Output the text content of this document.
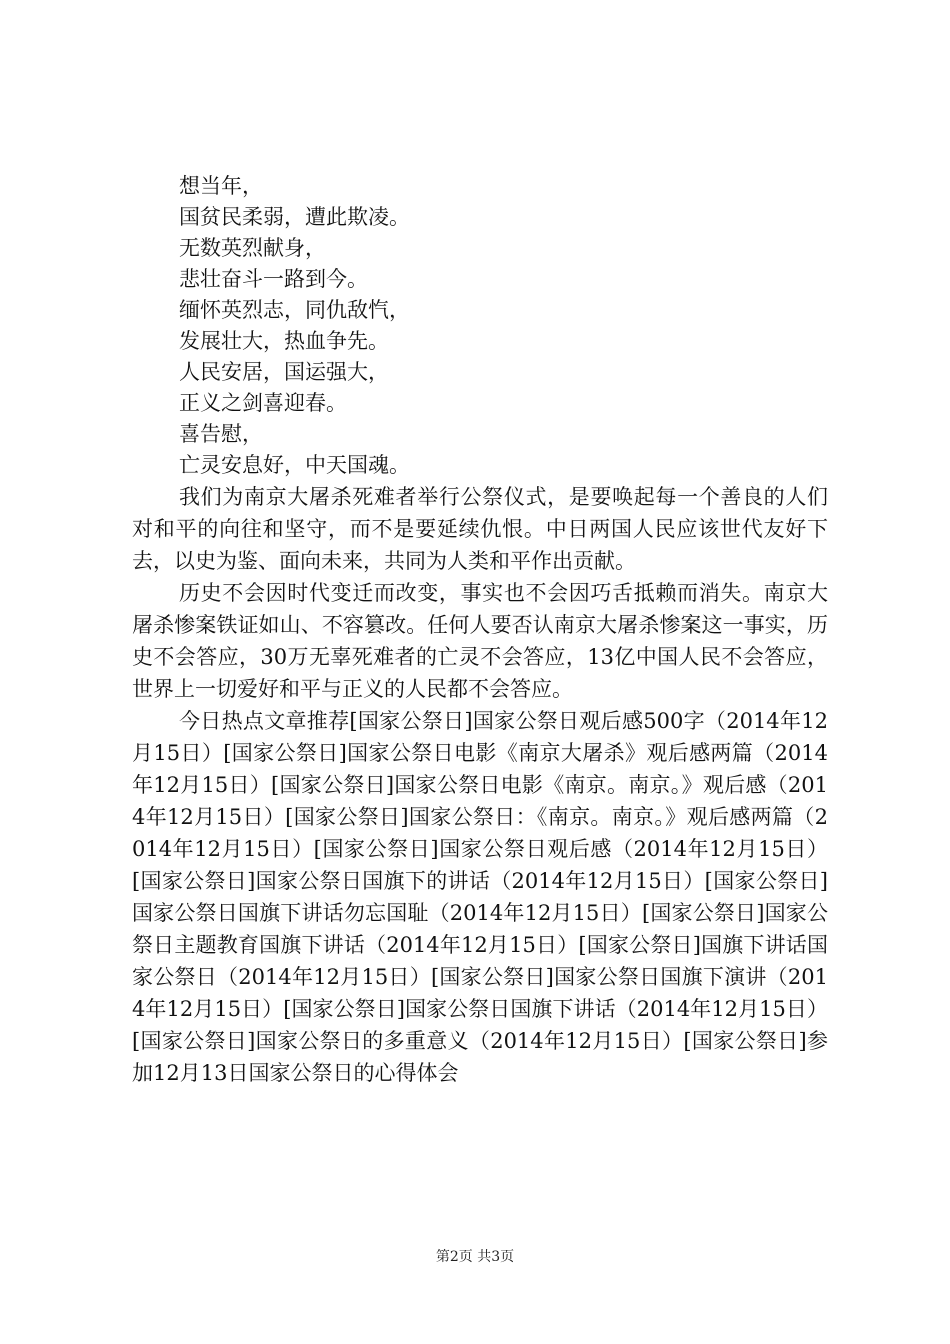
想当年，
国贫民柔弱，遭此欺凌。
无数英烈献身，
悲壮奋斗一路到今。
缅怀英烈志，同仇敌忾，
发展壮大，热血争先。
人民安居，国运强大，
正义之剑喜迎春。
喜告慰，
亡灵安息好，中天国魂。

我们为南京大屠杀死难者举行公祭仪式，是要唤起每一个善良的人们对和平的向往和坚守，而不是要延续仇恨。中日两国人民应该世代友好下去，以史为鉴、面向未来，共同为人类和平作出贡献。

历史不会因时代变迁而改变，事实也不会因巧舌抵赖而消失。南京大屠杀惨案铁证如山、不容篡改。任何人要否认南京大屠杀惨案这一事实，历史不会答应，30万无辜死难者的亡灵不会答应，13亿中国人民不会答应，世界上一切爱好和平与正义的人民都不会答应。

今日热点文章推荐[国家公祭日]国家公祭日观后感500字（2014年12月15日）[国家公祭日]国家公祭日电影《南京大屠杀》观后感两篇（2014年12月15日）[国家公祭日]国家公祭日电影《南京。南京。》观后感（2014年12月15日）[国家公祭日]国家公祭日：《南京。南京。》观后感两篇（2014年12月15日）[国家公祭日]国家公祭日观后感（2014年12月15日）[国家公祭日]国家公祭日国旗下的讲话（2014年12月15日）[国家公祭日]国家公祭日国旗下讲话勿忘国耻（2014年12月15日）[国家公祭日]国家公祭日主题教育国旗下讲话（2014年12月15日）[国家公祭日]国旗下讲话国家公祭日（2014年12月15日）[国家公祭日]国家公祭日国旗下演讲（2014年12月15日）[国家公祭日]国家公祭日国旗下讲话（2014年12月15日）[国家公祭日]国家公祭日的多重意义（2014年12月15日）[国家公祭日]参加12月13日国家公祭日的心得体会

第2页 共3页
